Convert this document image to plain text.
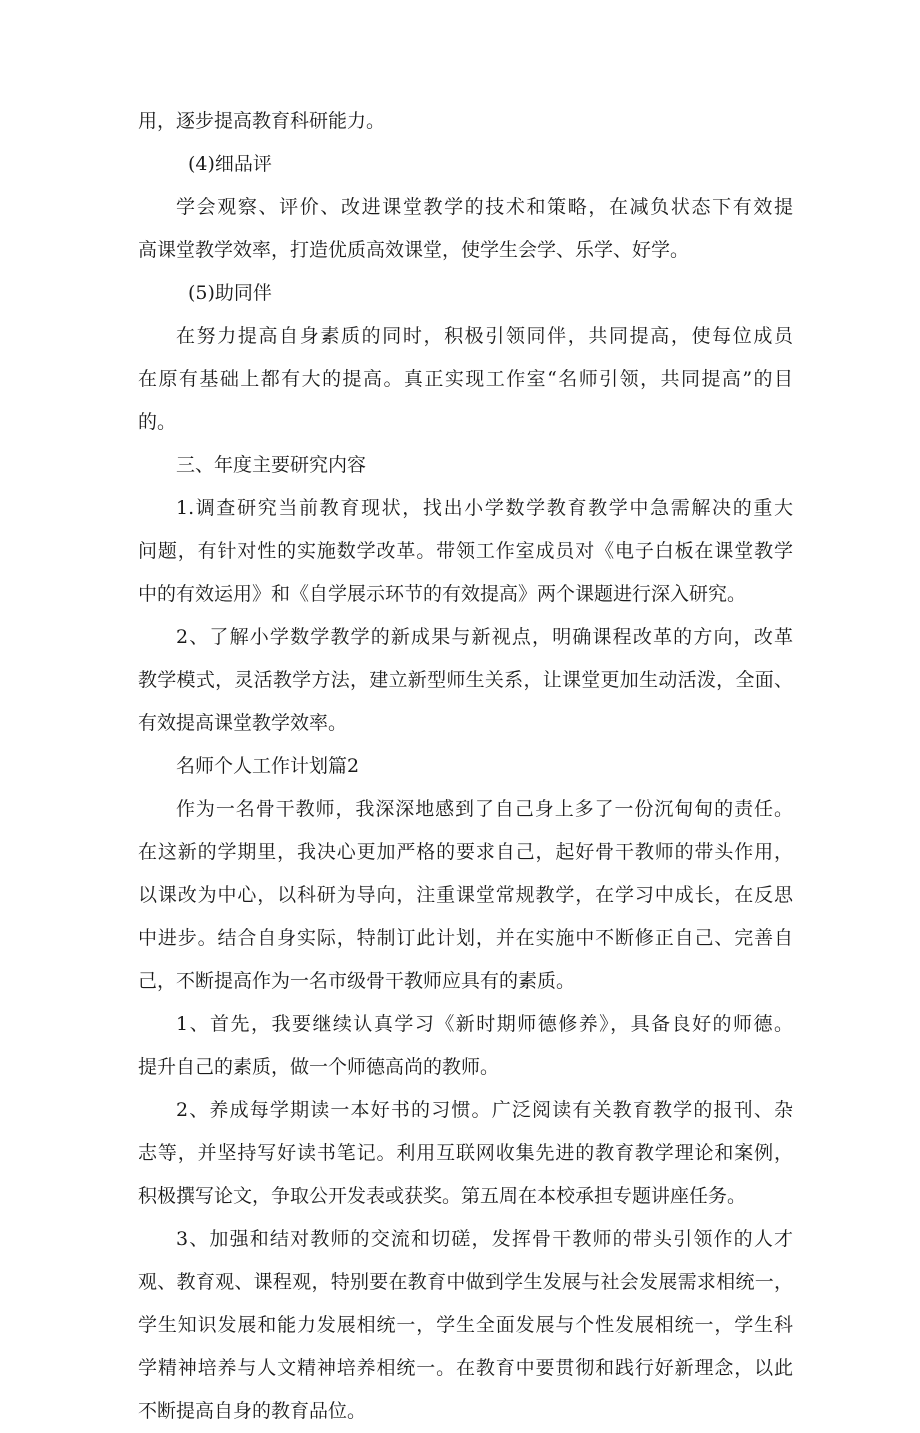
用，逐步提高教育科研能力。
(4)细品评
学会观察、评价、改进课堂教学的技术和策略，在减负状态下有效提
高课堂教学效率，打造优质高效课堂，使学生会学、乐学、好学。
(5)助同伴
在努力提高自身素质的同时，积极引领同伴，共同提高，使每位成员
在原有基础上都有大的提高。真正实现工作室“名师引领，共同提高”的目
的。
三、年度主要研究内容
1.调查研究当前教育现状，找出小学数学教育教学中急需解决的重大
问题，有针对性的实施数学改革。带领工作室成员对《电子白板在课堂教学
中的有效运用》和《自学展示环节的有效提高》两个课题进行深入研究。
2、了解小学数学教学的新成果与新视点，明确课程改革的方向，改革
教学模式，灵活教学方法，建立新型师生关系，让课堂更加生动活泼，全面、
有效提高课堂教学效率。
名师个人工作计划篇2
作为一名骨干教师，我深深地感到了自己身上多了一份沉甸甸的责任。
在这新的学期里，我决心更加严格的要求自己，起好骨干教师的带头作用，
以课改为中心，以科研为导向，注重课堂常规教学，在学习中成长，在反思
中进步。结合自身实际，特制订此计划，并在实施中不断修正自己、完善自
己，不断提高作为一名市级骨干教师应具有的素质。
1、首先，我要继续认真学习《新时期师德修养》，具备良好的师德。
提升自己的素质，做一个师德高尚的教师。
2、养成每学期读一本好书的习惯。广泛阅读有关教育教学的报刊、杂
志等，并坚持写好读书笔记。利用互联网收集先进的教育教学理论和案例，
积极撰写论文，争取公开发表或获奖。第五周在本校承担专题讲座任务。
3、加强和结对教师的交流和切磋，发挥骨干教师的带头引领作的人才
观、教育观、课程观，特别要在教育中做到学生发展与社会发展需求相统一，
学生知识发展和能力发展相统一，学生全面发展与个性发展相统一，学生科
学精神培养与人文精神培养相统一。在教育中要贯彻和践行好新理念，以此
不断提高自身的教育品位。
